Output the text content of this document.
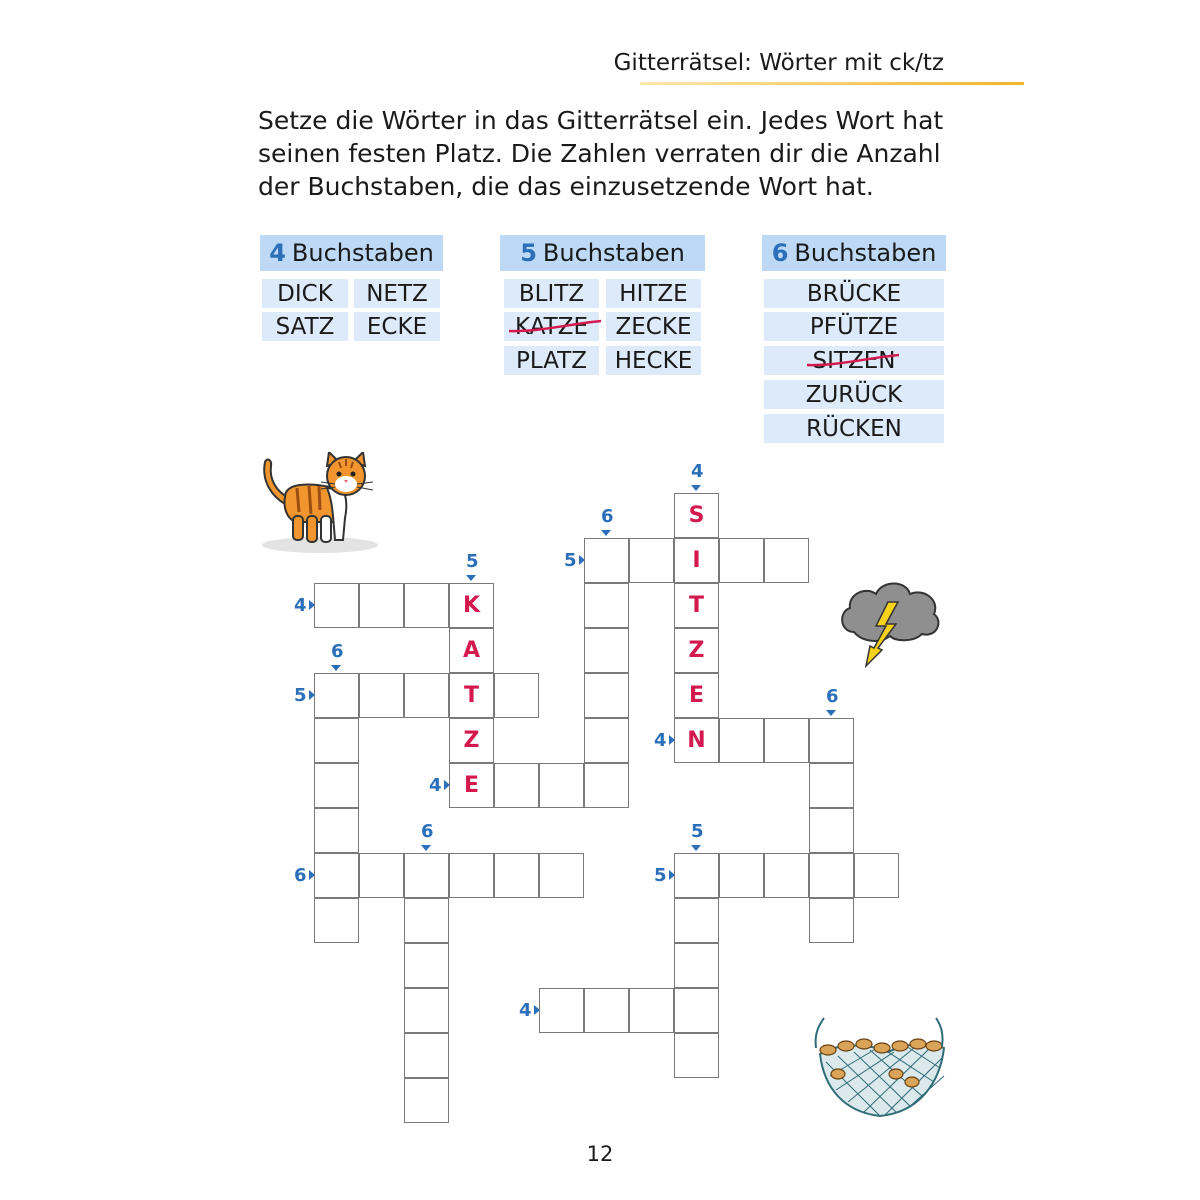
Gitterrätsel: Wörter mit ck/tz
Setze die Wörter in das Gitterrätsel ein. Jedes Wort hat seinen festen Platz. Die Zahlen verraten dir die Anzahl der Buchstaben, die das einzusetzende Wort hat.
4 Buchstaben
DICK	NETZ
SATZ	ECKE
5 Buchstaben
BLITZ	HITZE
KATZE	ZECKE
PLATZ	HECKE
6 Buchstaben
BRÜCKE
PFÜTZE
SITZEN
ZURÜCK
RÜCKEN
S
I
T
Z
E
N
K
A
T
Z
E
4
5
6
5
4
6
5
4
6	5
6	5
4
4
6
12
